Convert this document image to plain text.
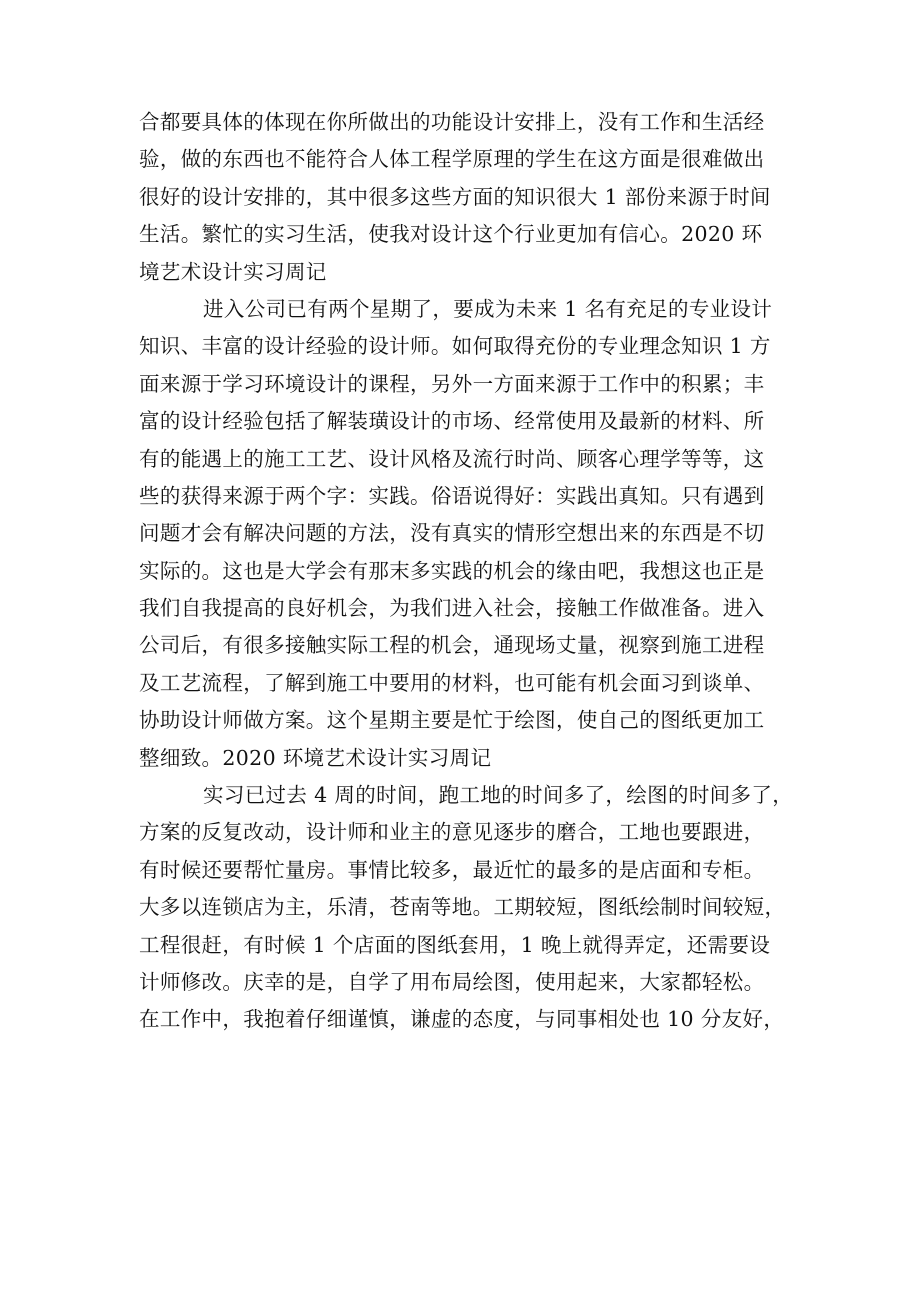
合都要具体的体现在你所做出的功能设计安排上，没有工作和生活经
验，做的东西也不能符合人体工程学原理的学生在这方面是很难做出
很好的设计安排的，其中很多这些方面的知识很大 1 部份来源于时间
生活。繁忙的实习生活，使我对设计这个行业更加有信心。2020 环
境艺术设计实习周记
进入公司已有两个星期了，要成为未来 1 名有充足的专业设计
知识、丰富的设计经验的设计师。如何取得充份的专业理念知识 1 方
面来源于学习环境设计的课程，另外一方面来源于工作中的积累；丰
富的设计经验包括了解装璜设计的市场、经常使用及最新的材料、所
有的能遇上的施工工艺、设计风格及流行时尚、顾客心理学等等，这
些的获得来源于两个字：实践。俗语说得好：实践出真知。只有遇到
问题才会有解决问题的方法，没有真实的情形空想出来的东西是不切
实际的。这也是大学会有那末多实践的机会的缘由吧，我想这也正是
我们自我提高的良好机会，为我们进入社会，接触工作做准备。进入
公司后，有很多接触实际工程的机会，通现场丈量，视察到施工进程
及工艺流程，了解到施工中要用的材料，也可能有机会面习到谈单、
协助设计师做方案。这个星期主要是忙于绘图，使自己的图纸更加工
整细致。2020 环境艺术设计实习周记
实习已过去 4 周的时间，跑工地的时间多了，绘图的时间多了，
方案的反复改动，设计师和业主的意见逐步的磨合，工地也要跟进，
有时候还要帮忙量房。事情比较多，最近忙的最多的是店面和专柜。
大多以连锁店为主，乐清，苍南等地。工期较短，图纸绘制时间较短，
工程很赶，有时候 1 个店面的图纸套用，1 晚上就得弄定，还需要设
计师修改。庆幸的是，自学了用布局绘图，使用起来，大家都轻松。
在工作中，我抱着仔细谨慎，谦虚的态度，与同事相处也 10 分友好，
